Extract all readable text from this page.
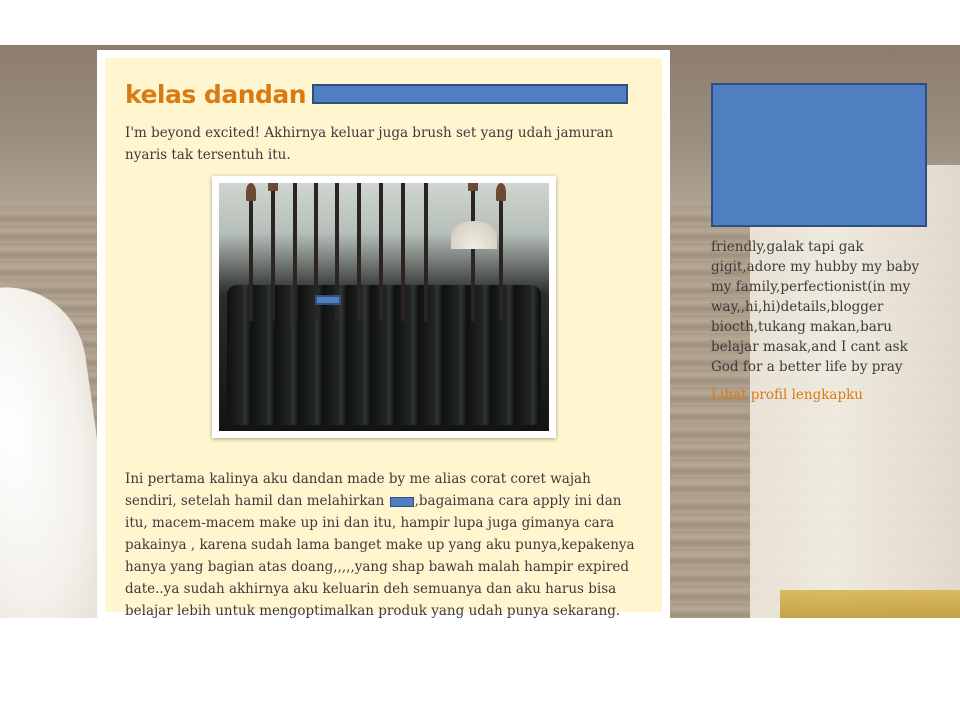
kelas dandan

I'm beyond excited! Akhirnya keluar juga brush set yang udah jamuran nyaris tak tersentuh itu.

Ini pertama kalinya aku dandan made by me alias corat coret wajah sendiri, setelah hamil dan melahirkan ,bagaimana cara apply ini dan itu, macem-macem make up ini dan itu, hampir lupa juga gimanya cara pakainya , karena sudah lama banget make up yang aku punya,kepakenya hanya yang bagian atas doang,,,,,yang shap bawah malah hampir expired date..ya sudah akhirnya aku keluarin deh semuanya dan aku harus bisa belajar lebih untuk mengoptimalkan produk yang udah punya sekarang.

friendly,galak tapi gak gigit,adore my hubby my baby my family,perfectionist(in my way,,hi,hi)details,blogger biocth,tukang makan,baru belajar masak,and I cant ask God for a better life by pray

Lihat profil lengkapku
